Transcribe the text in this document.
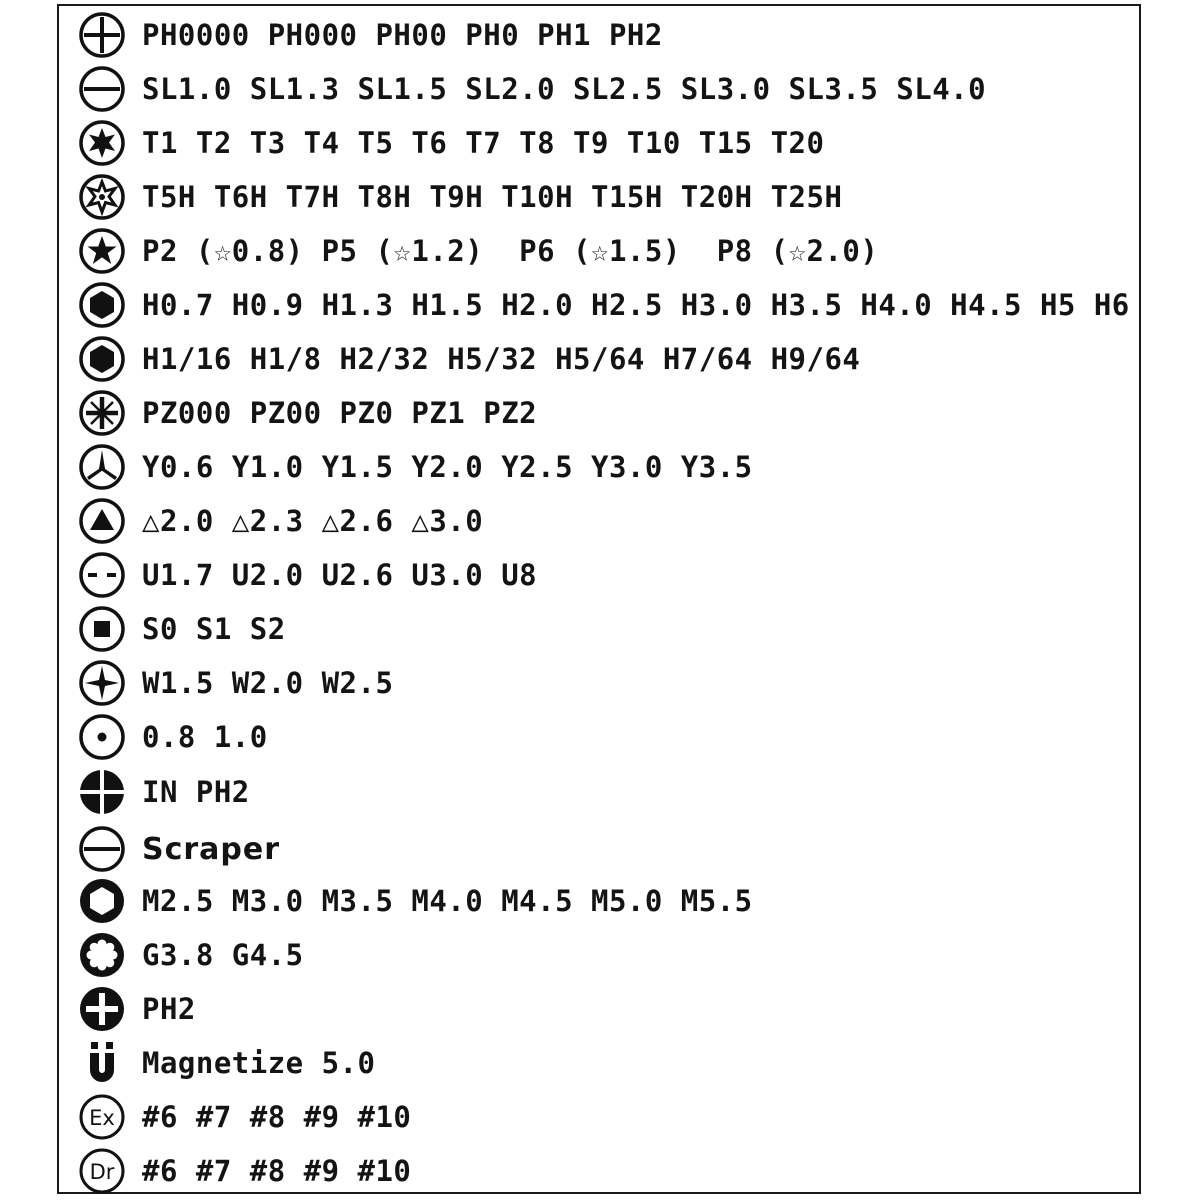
PH0000 PH000 PH00 PH0 PH1 PH2
SL1.0 SL1.3 SL1.5 SL2.0 SL2.5 SL3.0 SL3.5 SL4.0
T1 T2 T3 T4 T5 T6 T7 T8 T9 T10 T15 T20
T5H T6H T7H T8H T9H T10H T15H T20H T25H
P2 (☆0.8) P5 (☆1.2)  P6 (☆1.5)  P8 (☆2.0)
H0.7 H0.9 H1.3 H1.5 H2.0 H2.5 H3.0 H3.5 H4.0 H4.5 H5 H6
H1/16 H1/8 H2/32 H5/32 H5/64 H7/64 H9/64
PZ000 PZ00 PZ0 PZ1 PZ2
Y0.6 Y1.0 Y1.5 Y2.0 Y2.5 Y3.0 Y3.5
△2.0 △2.3 △2.6 △3.0
U1.7 U2.0 U2.6 U3.0 U8
S0 S1 S2
W1.5 W2.0 W2.5
0.8 1.0
IN PH2
Scraper
M2.5 M3.0 M3.5 M4.0 M4.5 M5.0 M5.5
G3.8 G4.5
PH2
Magnetize 5.0
Ex #6 #7 #8 #9 #10
Dr #6 #7 #8 #9 #10
